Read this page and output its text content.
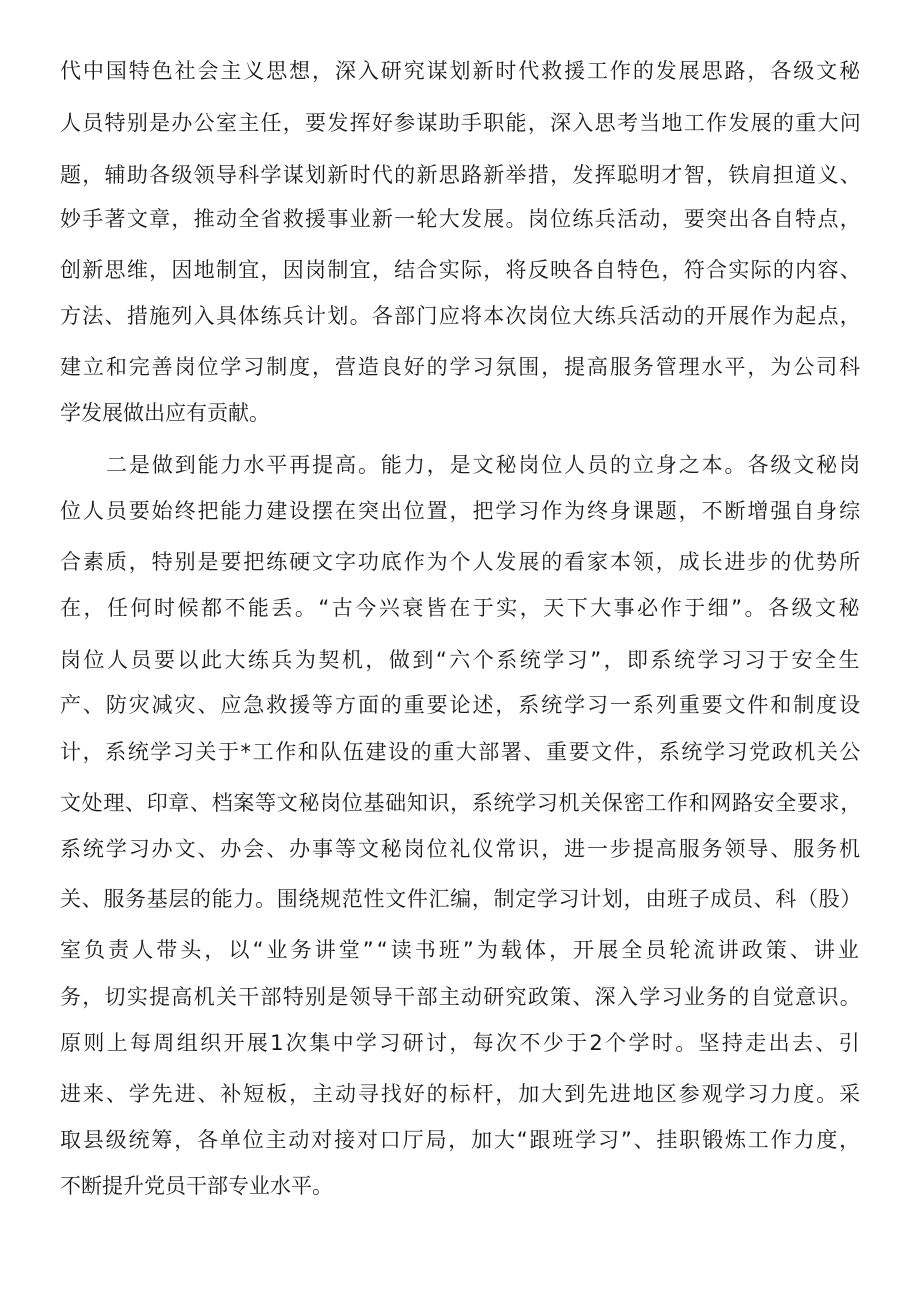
代中国特色社会主义思想，深入研究谋划新时代救援工作的发展思路，各级文秘

人员特别是办公室主任，要发挥好参谋助手职能，深入思考当地工作发展的重大问

题，辅助各级领导科学谋划新时代的新思路新举措，发挥聪明才智，铁肩担道义、

妙手著文章，推动全省救援事业新一轮大发展。岗位练兵活动，要突出各自特点，

创新思维，因地制宜，因岗制宜，结合实际，将反映各自特色，符合实际的内容、

方法、措施列入具体练兵计划。各部门应将本次岗位大练兵活动的开展作为起点，

建立和完善岗位学习制度，营造良好的学习氛围，提高服务管理水平，为公司科

学发展做出应有贡献。

二是做到能力水平再提高。能力，是文秘岗位人员的立身之本。各级文秘岗

位人员要始终把能力建设摆在突出位置，把学习作为终身课题，不断增强自身综

合素质，特别是要把练硬文字功底作为个人发展的看家本领，成长进步的优势所

在，任何时候都不能丢。“古今兴衰皆在于实，天下大事必作于细”。各级文秘

岗位人员要以此大练兵为契机，做到“六个系统学习”，即系统学习习于安全生

产、防灾减灾、应急救援等方面的重要论述，系统学习一系列重要文件和制度设

计，系统学习关于*工作和队伍建设的重大部署、重要文件，系统学习党政机关公

文处理、印章、档案等文秘岗位基础知识，系统学习机关保密工作和网路安全要求，

系统学习办文、办会、办事等文秘岗位礼仪常识，进一步提高服务领导、服务机

关、服务基层的能力。围绕规范性文件汇编，制定学习计划，由班子成员、科（股）

室负责人带头，以“业务讲堂”“读书班”为载体，开展全员轮流讲政策、讲业

务，切实提高机关干部特别是领导干部主动研究政策、深入学习业务的自觉意识。

原则上每周组织开展1次集中学习研讨，每次不少于2个学时。坚持走出去、引

进来、学先进、补短板，主动寻找好的标杆，加大到先进地区参观学习力度。采

取县级统筹，各单位主动对接对口厅局，加大“跟班学习”、挂职锻炼工作力度，

不断提升党员干部专业水平。
